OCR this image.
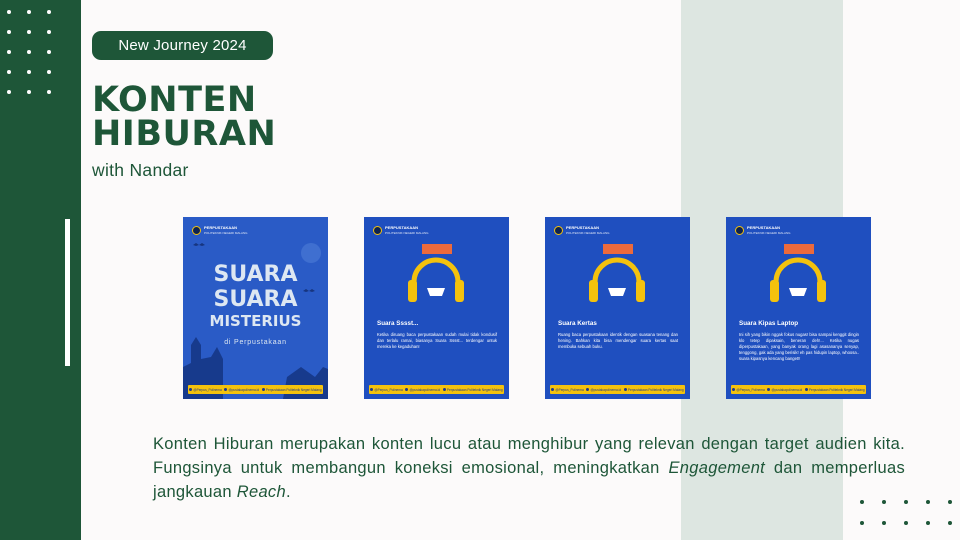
New Journey 2024
KONTEN
HIBURAN
with Nandar
PERPUSTAKAAN
POLITEKNIK NEGERI MALANG
SUARA
SUARA
MISTERIUS
di Perpustakaan
@Perpus_Polinema	@pustakapolinema.id	Perpustakaan Politeknik Negeri Malang
PERPUSTAKAAN
POLITEKNIK NEGERI MALANG
Suara Sssst...
Ketika diruang baca perpustakaan sudah mulai tidak kondusif dan terlalu ramai, biasanya Suara Sssst... terdengar untuk mereka ke kegaduhan!
@Perpus_Polinema	@pustakapolinema.id	Perpustakaan Politeknik Negeri Malang
PERPUSTAKAAN
POLITEKNIK NEGERI MALANG
Suara Kertas
Ruang baca perpustakaan identik dengan suasana tenang dan hening. Bahkan kita bisa mendengar suara kertas saat membuka sebuah buku.
@Perpus_Polinema	@pustakapolinema.id	Perpustakaan Politeknik Negeri Malang
PERPUSTAKAAN
POLITEKNIK NEGERI MALANG
Suara Kipas Laptop
Ini sih yang bikin nggak fokus nugas! bisa sampai kenggit dingin klo tetep dipaksain, beneran deh!... Ketika nugas diperpustakaan, yang banyak orang lagi asasananya senyap, tenggong, gak ada yang berisik! eh pas hidupin laptop, whoosa.. suara kipasnya kencang banget!!
@Perpus_Polinema	@pustakapolinema.id	Perpustakaan Politeknik Negeri Malang

Konten Hiburan merupakan konten lucu atau menghibur yang relevan dengan target audien kita. Fungsinya untuk membangun koneksi emosional, meningkatkan Engagement dan memperluas jangkauan Reach.
